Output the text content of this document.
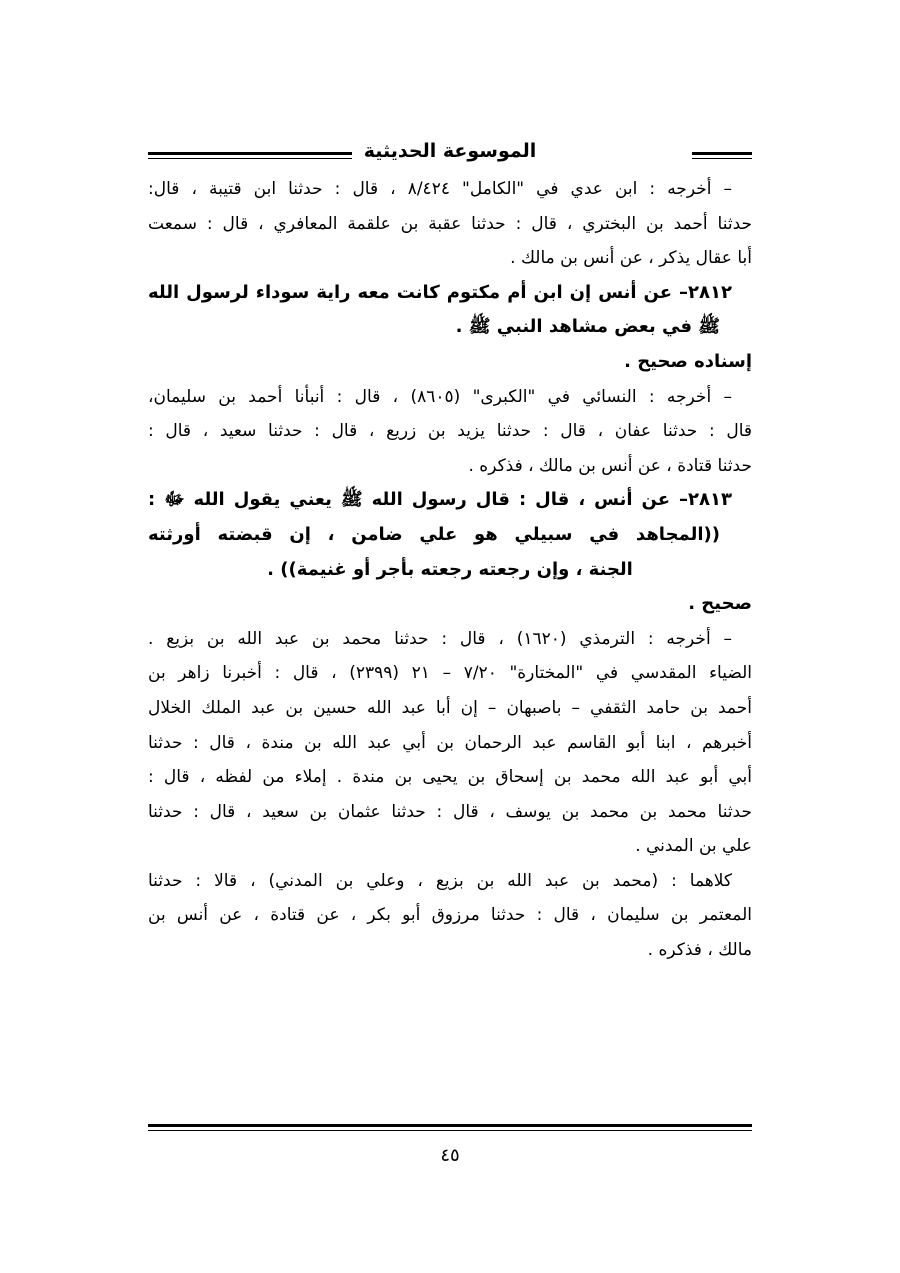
الموسوعة الحديثية
– أخرجه : ابن عدي في "الكامل" ٨/٤٢٤ ، قال : حدثنا ابن قتيبة ، قال:
حدثنا أحمد بن البختري ، قال : حدثنا عقبة بن علقمة المعافري ، قال : سمعت
أبا عقال يذكر ، عن أنس بن مالك .
٢٨١٢– عن أنس إن ابن أم مكتوم كانت معه راية سوداء لرسول الله
ﷺ في بعض مشاهد النبي ﷺ .
إسناده صحيح .
– أخرجه : النسائي في "الكبرى" (٨٦٠٥) ، قال : أنبأنا أحمد بن سليمان،
قال : حدثنا عفان ، قال : حدثنا يزيد بن زريع ، قال : حدثنا سعيد ، قال :
حدثنا قتادة ، عن أنس بن مالك ، فذكره .
٢٨١٣– عن أنس ، قال : قال رسول الله ﷺ يعني يقول الله ﷻ :
((المجاهد في سبيلي هو علي ضامن ، إن قبضته أورثته
الجنة ، وإن رجعته رجعته بأجر أو غنيمة)) .
صحيح .
– أخرجه : الترمذي (١٦٢٠) ، قال : حدثنا محمد بن عبد الله بن بزيع .
الضياء المقدسي في "المختارة" ٧/٢٠ – ٢١ (٢٣٩٩) ، قال : أخبرنا زاهر بن
أحمد بن حامد الثقفي – باصبهان – إن أبا عبد الله حسين بن عبد الملك الخلال
أخبرهم ، ابنا أبو القاسم عبد الرحمان بن أبي عبد الله بن مندة ، قال : حدثنا
أبي أبو عبد الله محمد بن إسحاق بن يحيى بن مندة . إملاء من لفظه ، قال :
حدثنا محمد بن محمد بن يوسف ، قال : حدثنا عثمان بن سعيد ، قال : حدثنا
علي بن المدني .
كلاهما : (محمد بن عبد الله بن بزيع ، وعلي بن المدني) ، قالا : حدثنا
المعتمر بن سليمان ، قال : حدثنا مرزوق أبو بكر ، عن قتادة ، عن أنس بن
مالك ، فذكره .
٤٥
